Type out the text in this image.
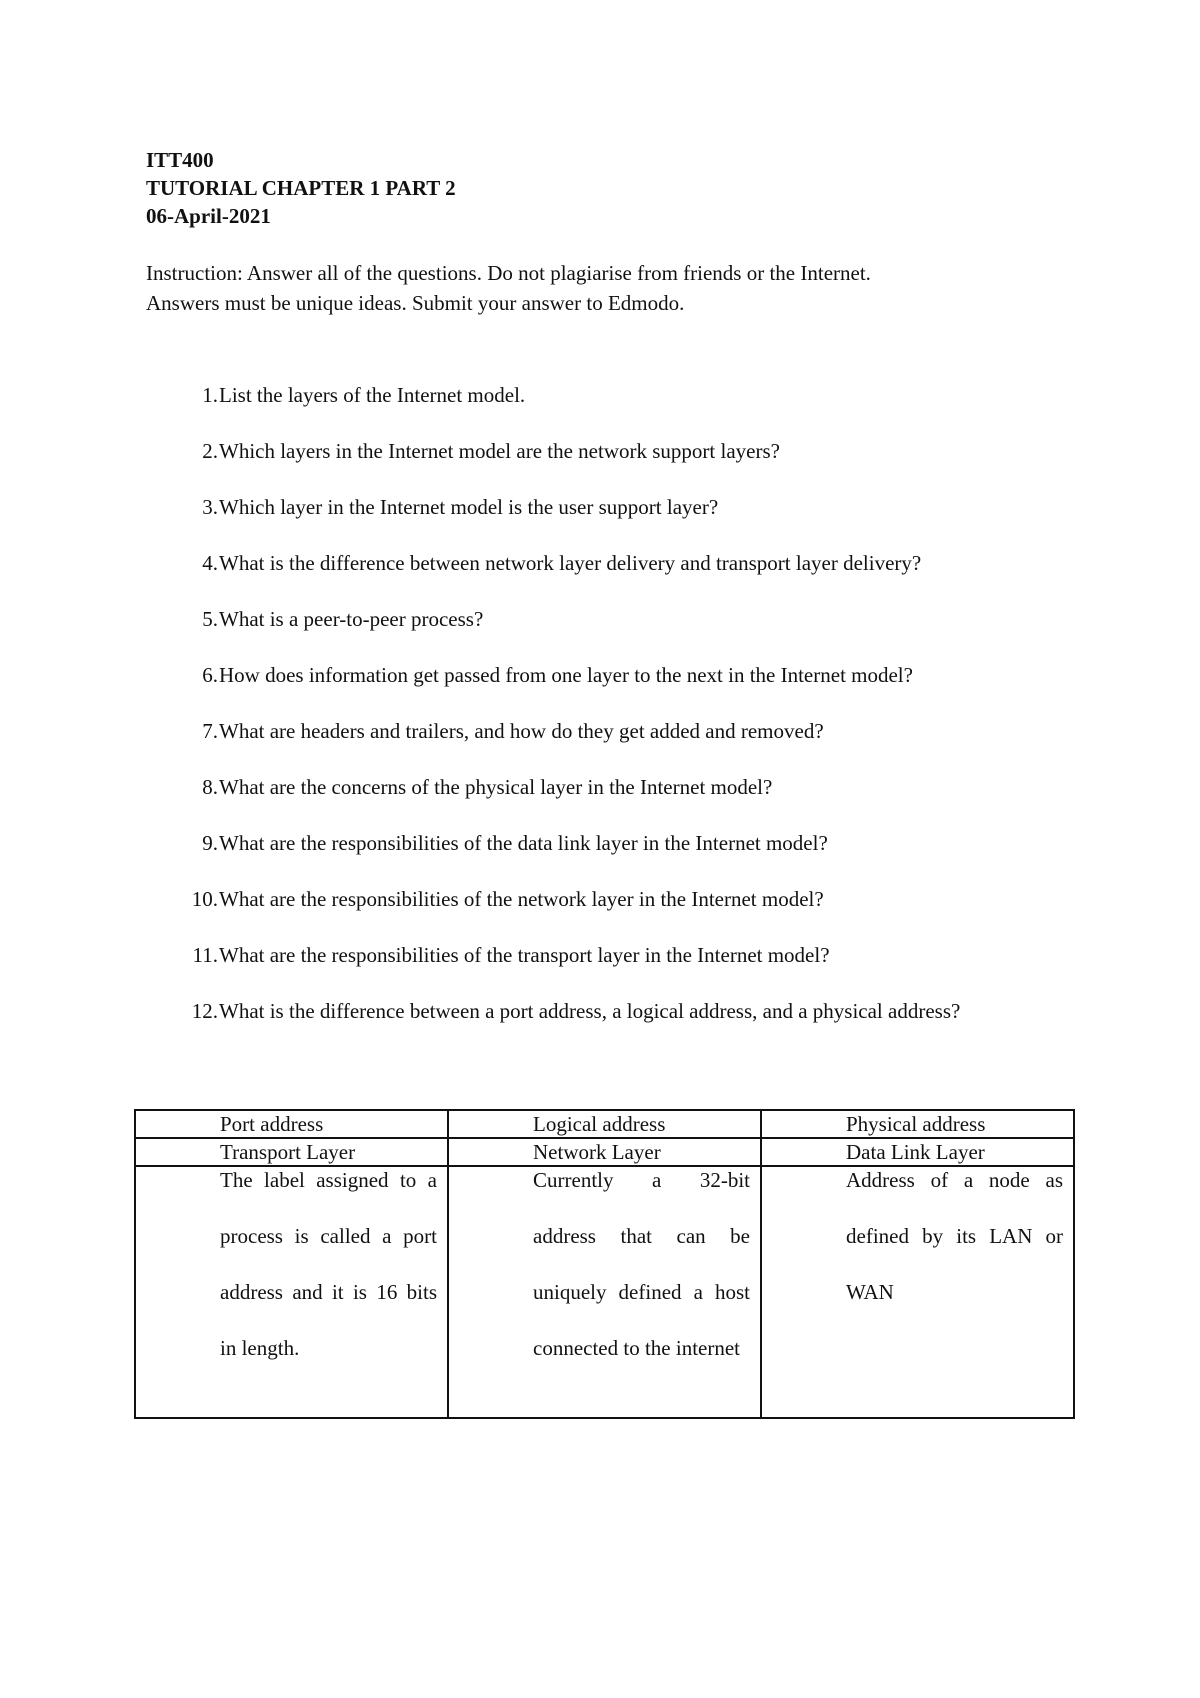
ITT400
TUTORIAL CHAPTER 1 PART 2
06-April-2021
Instruction: Answer all of the questions. Do not plagiarise from friends or the Internet.
Answers must be unique ideas. Submit your answer to Edmodo.
1. List the layers of the Internet model.
2. Which layers in the Internet model are the network support layers?
3. Which layer in the Internet model is the user support layer?
4. What is the difference between network layer delivery and transport layer delivery?
5. What is a peer-to-peer process?
6. How does information get passed from one layer to the next in the Internet model?
7. What are headers and trailers, and how do they get added and removed?
8. What are the concerns of the physical layer in the Internet model?
9. What are the responsibilities of the data link layer in the Internet model?
10. What are the responsibilities of the network layer in the Internet model?
11. What are the responsibilities of the transport layer in the Internet model?
12. What is the difference between a port address, a logical address, and a physical address?
Port address	Logical address	Physical address
Transport Layer	Network Layer	Data Link Layer

The label assigned to a process is called a port address and it is 16 bits in length.	Currently a 32-bit address that can be uniquely defined a host connected to the internet	Address of a node as defined by its LAN or WAN
